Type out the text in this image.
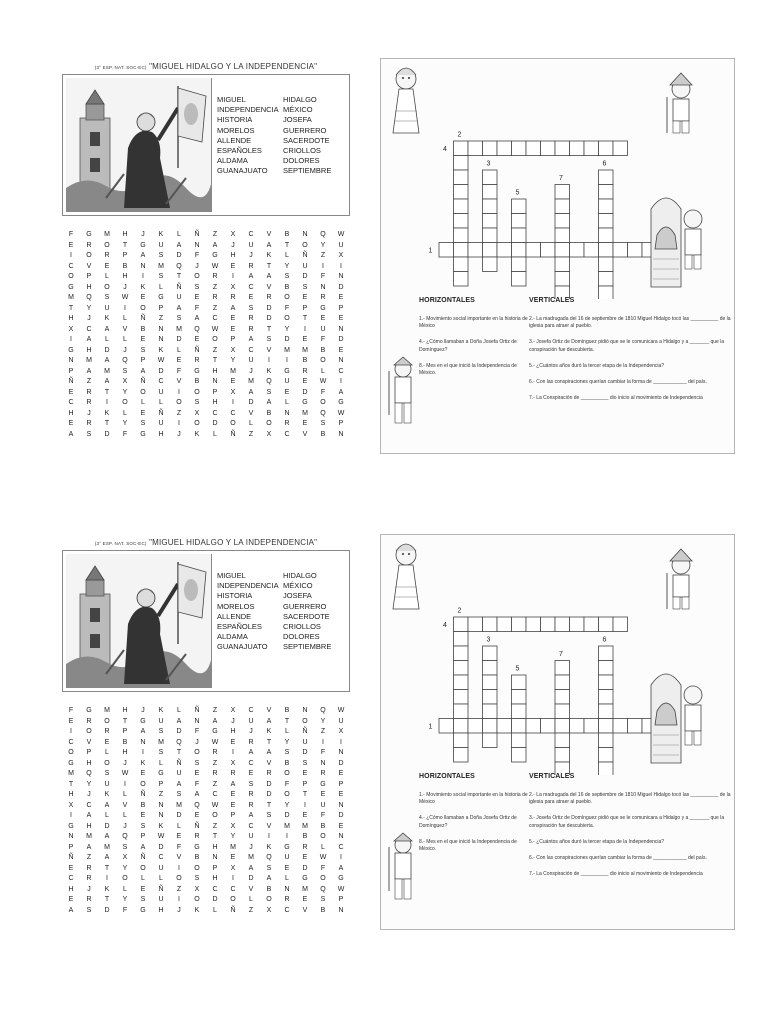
(3° ESP. NAT. SOC-EC) "MIGUEL HIDALGO Y LA INDEPENDENCIA"
MIGUEL	HIDALGO
INDEPENDENCIA MÉXICO
HISTORIA	JOSEFA
MORELOS	GUERRERO
ALLENDE	SACERDOTE
ESPAÑOLES	CRIOLLOS
ALDAMA	DOLORES
GUANAJUATO	SEPTIEMBRE
F	G	M	H	J	K	L	Ñ	Z	X	C	V	B	N	Q	W
E	R	O	T	G	U	A	N	A	J	U	A	T	O	Y	U
I	O	R	P	A	S	D	F	G	H	J	K	L	Ñ	Z	X
C	V	E	B	N	M	Q	J	W	E	R	T	Y	U	I	I
O	P	L	H	I	S	T	O	R	I	A	A	S	D	F	N
G	H	O	J	K	L	Ñ	S	Z	X	C	V	B	S	N	D
M	Q	S	W	E	G	U	E	R	R	E	R	O	E	R	E
T	Y	U	I	O	P	A	F	Z	A	S	D	F	P	G	P
H	J	K	L	Ñ	Z	S	A	C	E	R	D	O	T	E	E
X	C	A	V	B	N	M	Q	W	E	R	T	Y	I	U	N
I	A	L	L	E	N	D	E	O	P	A	S	D	E	F	D
G	H	D	J	S	K	L	Ñ	Z	X	C	V	M	M	B	E
N	M	A	Q	P	W	E	R	T	Y	U	I	I	B	O	N
P	A	M	S	A	D	F	G	H	M	J	K	G	R	L	C
Ñ	Z	A	X	Ñ	C	V	B	N	E	M	Q	U	E	W	I
E	R	T	Y	O	U	I	O	P	X	A	S	E	D	F	A
C	R	I	O	L	L	O	S	H	I	D	A	L	G	O	G
H	J	K	L	E	Ñ	Z	X	C	C	V	B	N	M	Q	W
E	R	T	Y	S	U	I	O	D	O	L	O	R	E	S	P
A	S	D	F	G	H	J	K	L	Ñ	Z	X	C	V	B	N
1
2
3
4
5
6
7
HORIZONTALES
1.- Movimiento social importante en la historia de México
4.- ¿Cómo llamaban a Doña Josefa Ortiz de Domínguez?
8.- Mes en el que inició la Independencia de México.
VERTICALES
2.- La madrugada del 16 de septiembre de 1810 Miguel Hidalgo tocó las __________ de la iglesia para atraer al pueblo.
3.- Josefa Ortiz de Domínguez pidió que se le comunicara a Hidalgo y a _______ que la conspiración fue descubierta.
5.- ¿Cuántos años duró la tercer etapa de la Independencia?
6.- Con las conspiraciones querían cambiar la forma de ____________ del país.
7.- La Conspiración de __________ dio inicio al movimiento de Independencia
(3° ESP. NAT. SOC-EC) "MIGUEL HIDALGO Y LA INDEPENDENCIA"
MIGUEL	HIDALGO
INDEPENDENCIA MÉXICO
HISTORIA	JOSEFA
MORELOS	GUERRERO
ALLENDE	SACERDOTE
ESPAÑOLES	CRIOLLOS
ALDAMA	DOLORES
GUANAJUATO	SEPTIEMBRE
F	G	M	H	J	K	L	Ñ	Z	X	C	V	B	N	Q	W
E	R	O	T	G	U	A	N	A	J	U	A	T	O	Y	U
I	O	R	P	A	S	D	F	G	H	J	K	L	Ñ	Z	X
C	V	E	B	N	M	Q	J	W	E	R	T	Y	U	I	I
O	P	L	H	I	S	T	O	R	I	A	A	S	D	F	N
G	H	O	J	K	L	Ñ	S	Z	X	C	V	B	S	N	D
M	Q	S	W	E	G	U	E	R	R	E	R	O	E	R	E
T	Y	U	I	O	P	A	F	Z	A	S	D	F	P	G	P
H	J	K	L	Ñ	Z	S	A	C	E	R	D	O	T	E	E
X	C	A	V	B	N	M	Q	W	E	R	T	Y	I	U	N
I	A	L	L	E	N	D	E	O	P	A	S	D	E	F	D
G	H	D	J	S	K	L	Ñ	Z	X	C	V	M	M	B	E
N	M	A	Q	P	W	E	R	T	Y	U	I	I	B	O	N
P	A	M	S	A	D	F	G	H	M	J	K	G	R	L	C
Ñ	Z	A	X	Ñ	C	V	B	N	E	M	Q	U	E	W	I
E	R	T	Y	O	U	I	O	P	X	A	S	E	D	F	A
C	R	I	O	L	L	O	S	H	I	D	A	L	G	O	G
H	J	K	L	E	Ñ	Z	X	C	C	V	B	N	M	Q	W
E	R	T	Y	S	U	I	O	D	O	L	O	R	E	S	P
A	S	D	F	G	H	J	K	L	Ñ	Z	X	C	V	B	N
1
2
3
4
5
6
7
HORIZONTALES
1.- Movimiento social importante en la historia de México
4.- ¿Cómo llamaban a Doña Josefa Ortiz de Domínguez?
8.- Mes en el que inició la Independencia de México.
VERTICALES
2.- La madrugada del 16 de septiembre de 1810 Miguel Hidalgo tocó las __________ de la iglesia para atraer al pueblo.
3.- Josefa Ortiz de Domínguez pidió que se le comunicara a Hidalgo y a _______ que la conspiración fue descubierta.
5.- ¿Cuántos años duró la tercer etapa de la Independencia?
6.- Con las conspiraciones querían cambiar la forma de ____________ del país.
7.- La Conspiración de __________ dio inicio al movimiento de Independencia
